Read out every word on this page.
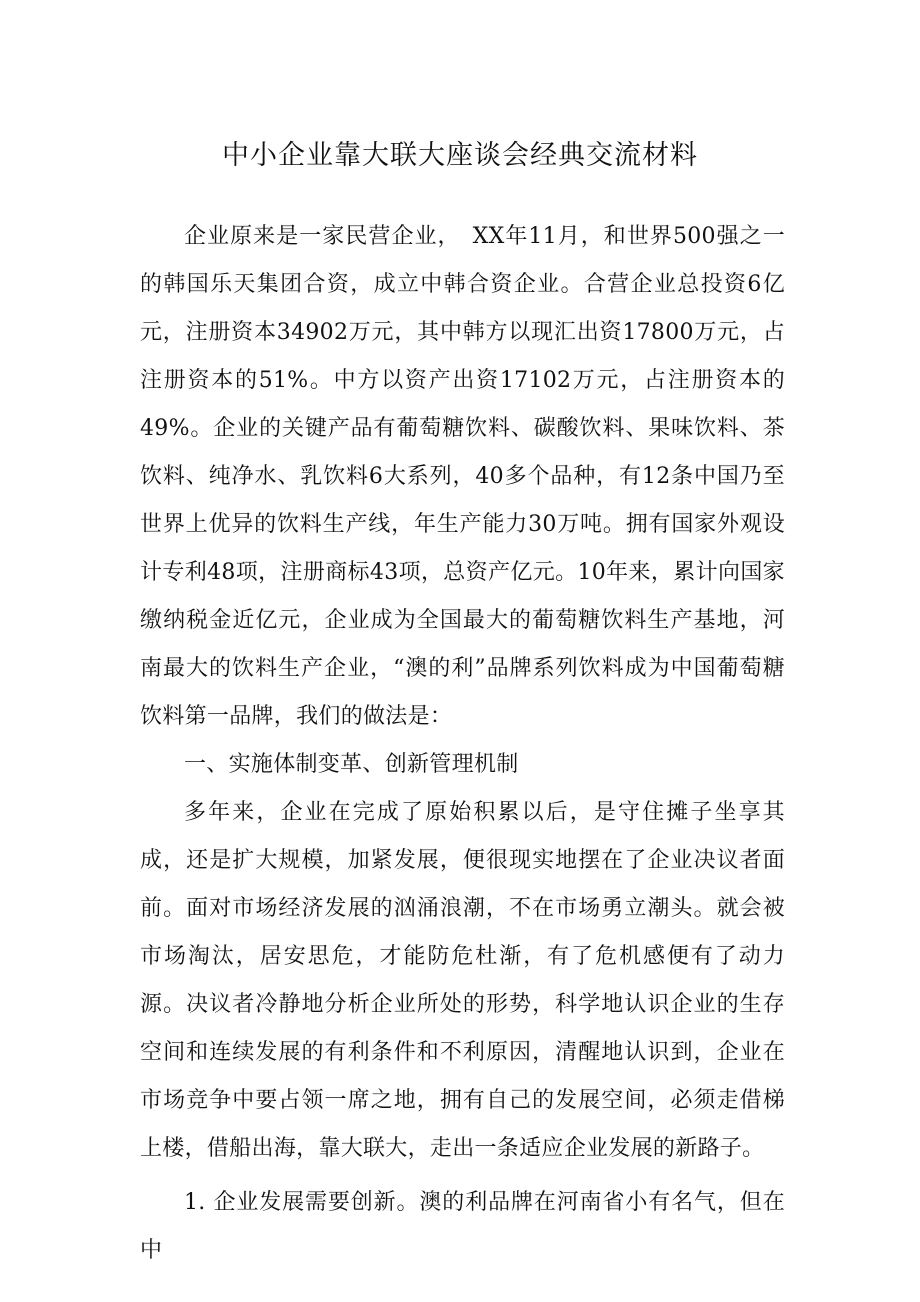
中小企业靠大联大座谈会经典交流材料

企业原来是一家民营企业，　XX年11月，和世界500强之一的韩国乐天集团合资，成立中韩合资企业。合营企业总投资6亿元，注册资本34902万元，其中韩方以现汇出资17800万元，占注册资本的51%。中方以资产出资17102万元，占注册资本的49%。企业的关键产品有葡萄糖饮料、碳酸饮料、果味饮料、茶饮料、纯净水、乳饮料6大系列，40多个品种，有12条中国乃至世界上优异的饮料生产线，年生产能力30万吨。拥有国家外观设计专利48项，注册商标43项，总资产亿元。10年来，累计向国家缴纳税金近亿元，企业成为全国最大的葡萄糖饮料生产基地，河南最大的饮料生产企业，“澳的利”品牌系列饮料成为中国葡萄糖饮料第一品牌，我们的做法是：

一、实施体制变革、创新管理机制

多年来，企业在完成了原始积累以后，是守住摊子坐享其成，还是扩大规模，加紧发展，便很现实地摆在了企业决议者面前。面对市场经济发展的汹涌浪潮，不在市场勇立潮头。就会被市场淘汰，居安思危，才能防危杜渐，有了危机感便有了动力源。决议者冷静地分析企业所处的形势，科学地认识企业的生存空间和连续发展的有利条件和不利原因，清醒地认识到，企业在市场竞争中要占领一席之地，拥有自己的发展空间，必须走借梯上楼，借船出海，靠大联大，走出一条适应企业发展的新路子。

1. 企业发展需要创新。澳的利品牌在河南省小有名气，但在中
